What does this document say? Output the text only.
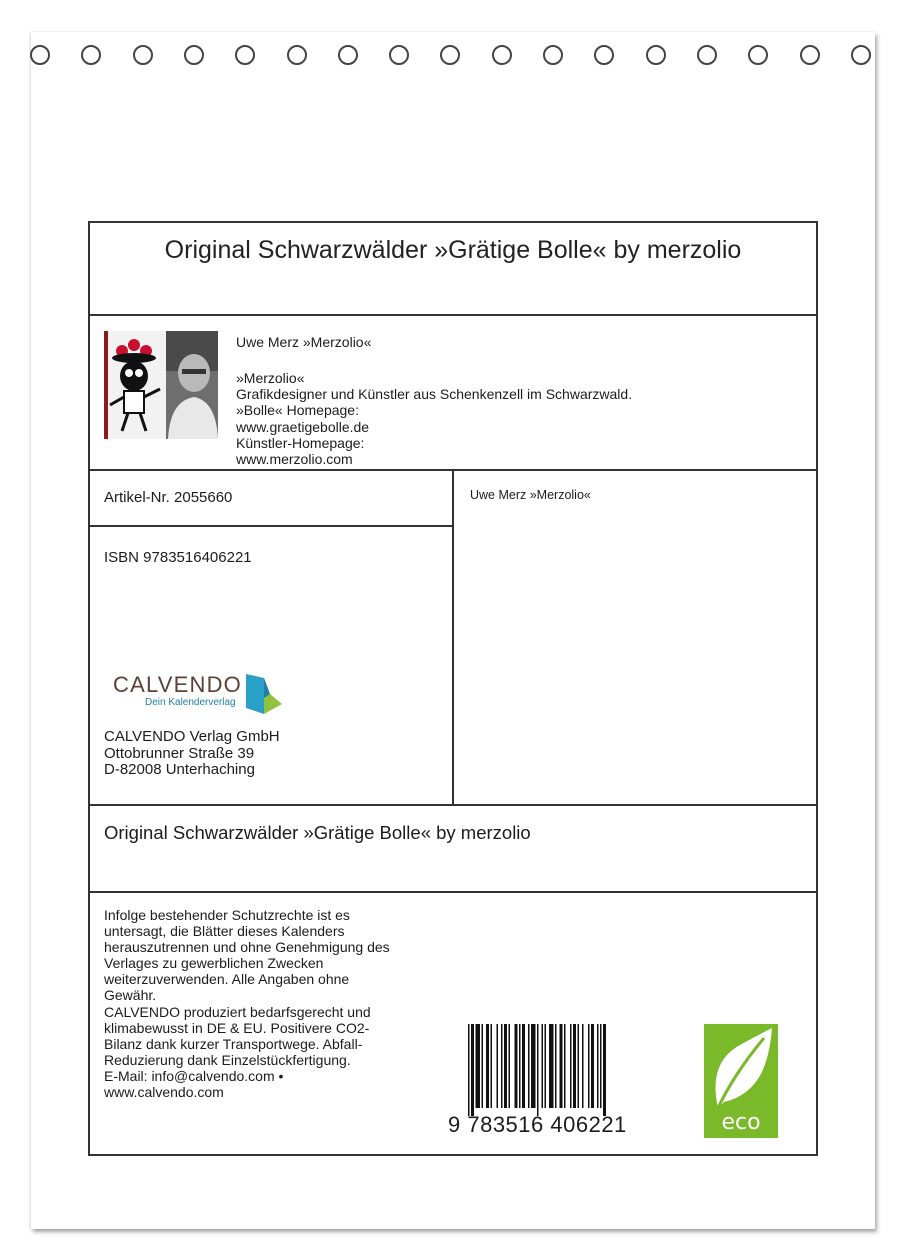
Original Schwarzwälder »Grätige Bolle« by merzolio
Uwe Merz »Merzolio«
»Merzolio«
Grafikdesigner und Künstler aus Schenkenzell im Schwarzwald.
»Bolle« Homepage:
www.graetigebolle.de
Künstler-Homepage:
www.merzolio.com
Artikel-Nr. 2055660	Uwe Merz »Merzolio«
ISBN 9783516406221
CALVENDO
Dein Kalenderverlag
CALVENDO Verlag GmbH
Ottobrunner Straße 39
D-82008 Unterhaching
Original Schwarzwälder »Grätige Bolle« by merzolio
Infolge bestehender Schutzrechte ist es
untersagt, die Blätter dieses Kalenders
herauszutrennen und ohne Genehmigung des
Verlages zu gewerblichen Zwecken
weiterzuverwenden. Alle Angaben ohne
Gewähr.
CALVENDO produziert bedarfsgerecht und
klimabewusst in DE & EU. Positivere CO2-
Bilanz dank kurzer Transportwege. Abfall-
Reduzierung dank Einzelstückfertigung.
E-Mail: info@calvendo.com •
www.calvendo.com
9 783516 406221	eco
